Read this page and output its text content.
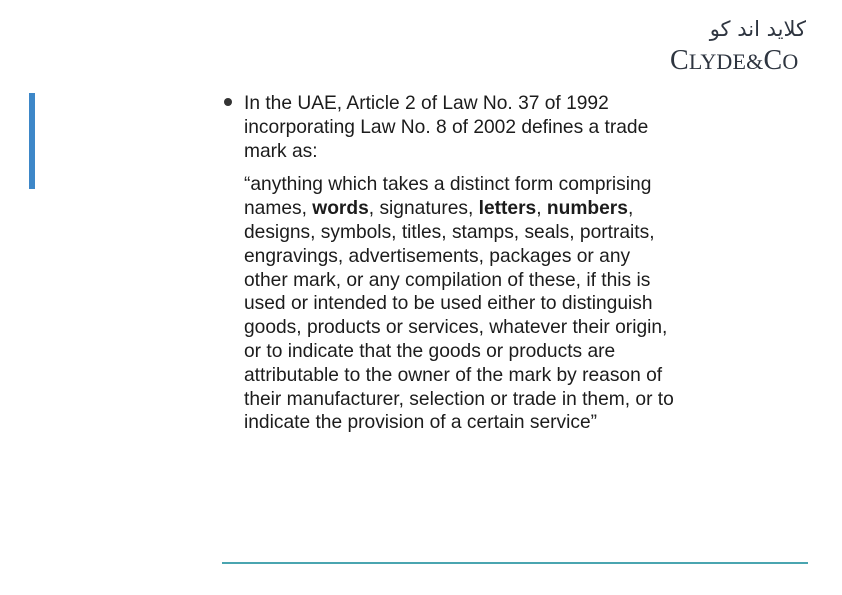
كلايد اند كو
CLYDE&CO

In the UAE, Article 2 of Law No. 37 of 1992 incorporating Law No. 8 of 2002 defines a trade mark as:

“anything which takes a distinct form comprising names, words, signatures, letters, numbers, designs, symbols, titles, stamps, seals, portraits, engravings, advertisements, packages or any other mark, or any compilation of these, if this is used or intended to be used either to distinguish goods, products or services, whatever their origin, or to indicate that the goods or products are attributable to the owner of the mark by reason of their manufacturer, selection or trade in them, or to indicate the provision of a certain service”
